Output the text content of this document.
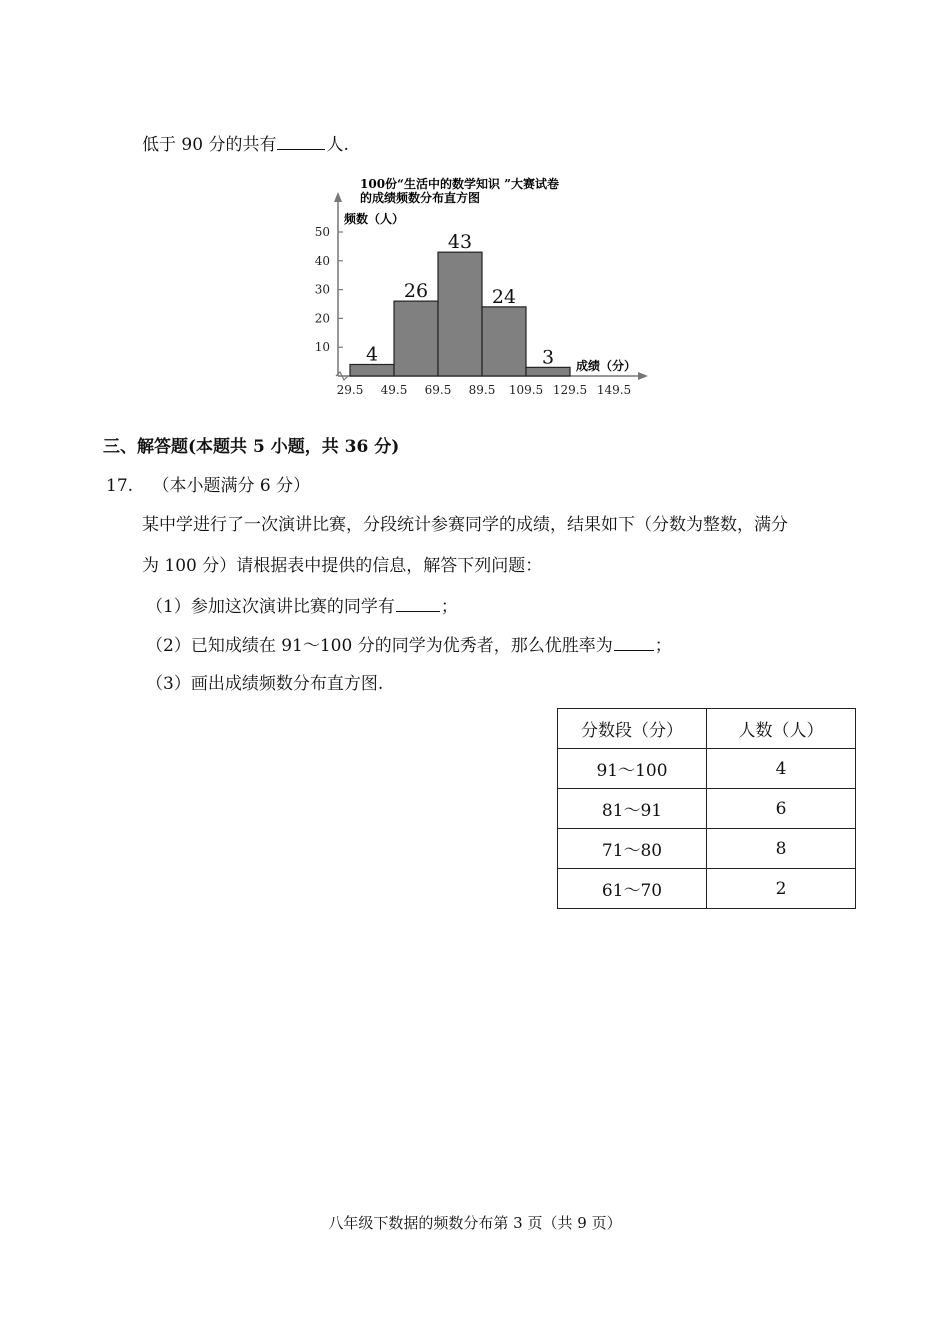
低于 90 分的共有	人.
100份“生活中的数学知识 ”大赛试卷
的成绩频数分布直方图
频数（人）
成绩（分）
10
20
30
40
50
29.5 49.5 69.5 89.5 109.5 129.5 149.5
4
26
43
24
3
三、解答题(本题共 5 小题，共 36 分)
17. （本小题满分 6 分）
某中学进行了一次演讲比赛，分段统计参赛同学的成绩，结果如下（分数为整数，满分
为 100 分）请根据表中提供的信息，解答下列问题：
（1）参加这次演讲比赛的同学有	；
（2）已知成绩在 91～100 分的同学为优秀者，那么优胜率为 ；
（3）画出成绩频数分布直方图.
分数段（分）	人数（人）
91～100	4
81～91	6
71～80	8
61～70	2
八年级下数据的频数分布第 3 页（共 9 页）
